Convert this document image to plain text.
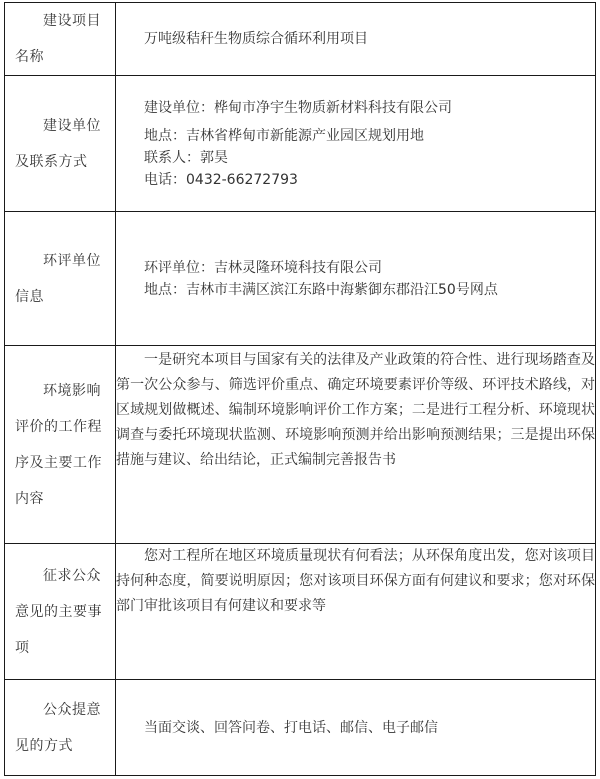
建设项目
名称	万吨级秸秆生物质综合循环利用项目

建设单位
及联系方式	建设单位：桦甸市净宇生物质新材料科技有限公司
地点：吉林省桦甸市新能源产业园区规划用地
联系人：郭昊
电话：0432-66272793

环评单位
信息	环评单位：吉林灵隆环境科技有限公司
地点：吉林市丰满区滨江东路中海紫御东郡沿江50号网点

环境影响
评价的工作程
序及主要工作
内容	一是研究本项目与国家有关的法律及产业政策的符合性、进行现场踏查及第一次公众参与、筛选评价重点、确定环境要素评价等级、环评技术路线，对区域规划做概述、编制环境影响评价工作方案；二是进行工程分析、环境现状调查与委托环境现状监测、环境影响预测并给出影响预测结果；三是提出环保措施与建议、给出结论，正式编制完善报告书

征求公众
意见的主要事
项	您对工程所在地区环境质量现状有何看法；从环保角度出发，您对该项目持何种态度，简要说明原因；您对该项目环保方面有何建议和要求；您对环保部门审批该项目有何建议和要求等

公众提意
见的方式	当面交谈、回答问卷、打电话、邮信、电子邮信
